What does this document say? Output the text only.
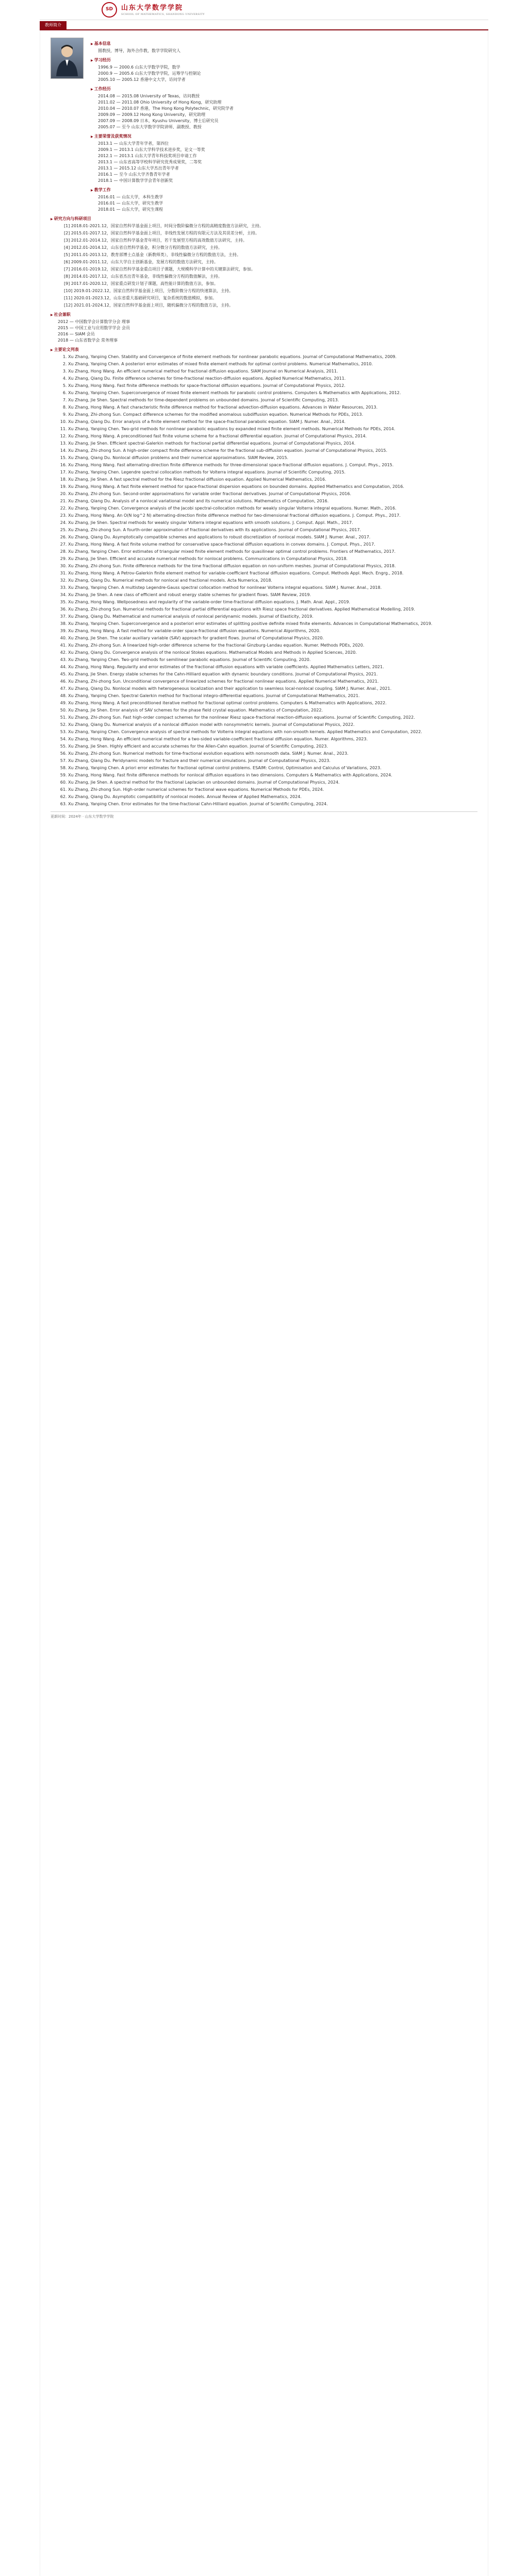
SD 山东大学数学学院
SCHOOL OF MATHEMATICS, SHANDONG UNIVERSITY
教师简介
▶ 基本信息
圆教授，博导，海外合作教，数学学院研究人
▶ 学习经历
1996.9 — 2000.6 山东大学数学学院，数学
2000.9 — 2005.6 山东大学数学学院，运筹学与控制论
2005.10 — 2005.12 香港中文大学，访问学者
▶ 工作经历
2014.08 — 2015.08 University of Texas，访问教授
2011.02 — 2011.08 Ohio University of Hong Kong，研究助理
2010.04 — 2010.07 香港，The Hong Kong Polytechnic，研究院学者
2009.09 — 2009.12 Hong Kong University，研究助理
2007.09 — 2008.09 日本，Kyushu University，博士后研究员
2005.07 — 至今 山东大学数学学院讲师、副教授、教授
▶ 主要荣誉及获奖情况
2013.1 — 山东大学青年学者，第四位
2009.1 — 2013.1 山东大学科学技术进步奖，论文一等奖
2012.1 — 2013.1 山东大学青年科技奖项目申请工作
2013.1 — 山东省高等学校科学研究优秀成果奖，二等奖
2013.1 — 2015.12 山东大学杰出青年学者
2016.1 — 至今 山东大学齐鲁青年学者
2018.1 — 中国计算数学学会青年创新奖
▶ 教学工作
2016.01 — 山东大学，本科生教学
2016.01 — 山东大学，研究生教学
2018.01 — 山东大学，研究生课程
▶ 研究方向与科研项目
[1] 2018.01-2021.12，国家自然科学基金面上项目，时间分数阶偏微分方程的高精度数值方法研究，主持。
[2] 2015.01-2017.12，国家自然科学基金面上项目，非线性发展方程的有限元方法及其误差分析，主持。
[3] 2012.01-2014.12，国家自然科学基金青年项目，若干发展型方程的高效数值方法研究，主持。
[4] 2012.01-2014.12，山东省自然科学基金，积分微分方程的数值方法研究，主持。
[5] 2011.01-2013.12，教育部博士点基金（新教师类），非线性偏微分方程的数值方法，主持。
[6] 2009.01-2011.12，山东大学自主创新基金，发展方程的数值方法研究，主持。
[7] 2016.01-2019.12，国家自然科学基金重点项目子课题，大规模科学计算中的关键算法研究，参加。
[8] 2014.01-2017.12，山东省杰出青年基金，非线性偏微分方程的数值解法，主持。
[9] 2017.01-2020.12，国家重点研发计划子课题，高性能计算的数值方法，参加。
[10] 2019.01-2022.12，国家自然科学基金面上项目，分数阶微分方程的快速算法，主持。
[11] 2020.01-2023.12，山东省重大基础研究项目，复杂系统的数值模拟，参加。
[12] 2021.01-2024.12，国家自然科学基金面上项目，随机偏微分方程的数值方法，主持。
▶ 社会兼职
2012 — 中国数学会计算数学分会 理事
2015 — 中国工业与应用数学学会 会员
2016 — SIAM 会员
2018 — 山东省数学会 常务理事
▶ 主要论文列表
1. Xu Zhang, Yanping Chen. Stability and Convergence of finite element methods for nonlinear parabolic equations. Journal of Computational Mathematics, 2009.
2. Xu Zhang, Yanping Chen. A posteriori error estimates of mixed finite element methods for optimal control problems. Numerical Mathematics, 2010.
3. Xu Zhang, Hong Wang. An efficient numerical method for fractional diffusion equations. SIAM Journal on Numerical Analysis, 2011.
4. Xu Zhang, Qiang Du. Finite difference schemes for time-fractional reaction-diffusion equations. Applied Numerical Mathematics, 2011.
5. Xu Zhang, Hong Wang. Fast finite difference methods for space-fractional diffusion equations. Journal of Computational Physics, 2012.
6. Xu Zhang, Yanping Chen. Superconvergence of mixed finite element methods for parabolic control problems. Computers & Mathematics with Applications, 2012.
7. Xu Zhang, Jie Shen. Spectral methods for time-dependent problems on unbounded domains. Journal of Scientific Computing, 2013.
8. Xu Zhang, Hong Wang. A fast characteristic finite difference method for fractional advection-diffusion equations. Advances in Water Resources, 2013.
9. Xu Zhang, Zhi-zhong Sun. Compact difference schemes for the modified anomalous subdiffusion equation. Numerical Methods for PDEs, 2013.
10. Xu Zhang, Qiang Du. Error analysis of a finite element method for the space-fractional parabolic equation. SIAM J. Numer. Anal., 2014.
11. Xu Zhang, Yanping Chen. Two-grid methods for nonlinear parabolic equations by expanded mixed finite element methods. Numerical Methods for PDEs, 2014.
12. Xu Zhang, Hong Wang. A preconditioned fast finite volume scheme for a fractional differential equation. Journal of Computational Physics, 2014.
13. Xu Zhang, Jie Shen. Efficient spectral-Galerkin methods for fractional partial differential equations. Journal of Computational Physics, 2014.
14. Xu Zhang, Zhi-zhong Sun. A high-order compact finite difference scheme for the fractional sub-diffusion equation. Journal of Computational Physics, 2015.
15. Xu Zhang, Qiang Du. Nonlocal diffusion problems and their numerical approximations. SIAM Review, 2015.
16. Xu Zhang, Hong Wang. Fast alternating-direction finite difference methods for three-dimensional space-fractional diffusion equations. J. Comput. Phys., 2015.
17. Xu Zhang, Yanping Chen. Legendre spectral collocation methods for Volterra integral equations. Journal of Scientific Computing, 2015.
18. Xu Zhang, Jie Shen. A fast spectral method for the Riesz fractional diffusion equation. Applied Numerical Mathematics, 2016.
19. Xu Zhang, Hong Wang. A fast finite element method for space-fractional dispersion equations on bounded domains. Applied Mathematics and Computation, 2016.
20. Xu Zhang, Zhi-zhong Sun. Second-order approximations for variable order fractional derivatives. Journal of Computational Physics, 2016.
21. Xu Zhang, Qiang Du. Analysis of a nonlocal variational model and its numerical solutions. Mathematics of Computation, 2016.
22. Xu Zhang, Yanping Chen. Convergence analysis of the Jacobi spectral-collocation methods for weakly singular Volterra integral equations. Numer. Math., 2016.
23. Xu Zhang, Hong Wang. An O(N log^2 N) alternating-direction finite difference method for two-dimensional fractional diffusion equations. J. Comput. Phys., 2017.
24. Xu Zhang, Jie Shen. Spectral methods for weakly singular Volterra integral equations with smooth solutions. J. Comput. Appl. Math., 2017.
25. Xu Zhang, Zhi-zhong Sun. A fourth-order approximation of fractional derivatives with its applications. Journal of Computational Physics, 2017.
26. Xu Zhang, Qiang Du. Asymptotically compatible schemes and applications to robust discretization of nonlocal models. SIAM J. Numer. Anal., 2017.
27. Xu Zhang, Hong Wang. A fast finite volume method for conservative space-fractional diffusion equations in convex domains. J. Comput. Phys., 2017.
28. Xu Zhang, Yanping Chen. Error estimates of triangular mixed finite element methods for quasilinear optimal control problems. Frontiers of Mathematics, 2017.
29. Xu Zhang, Jie Shen. Efficient and accurate numerical methods for nonlocal problems. Communications in Computational Physics, 2018.
30. Xu Zhang, Zhi-zhong Sun. Finite difference methods for the time fractional diffusion equation on non-uniform meshes. Journal of Computational Physics, 2018.
31. Xu Zhang, Hong Wang. A Petrov-Galerkin finite element method for variable-coefficient fractional diffusion equations. Comput. Methods Appl. Mech. Engrg., 2018.
32. Xu Zhang, Qiang Du. Numerical methods for nonlocal and fractional models. Acta Numerica, 2018.
33. Xu Zhang, Yanping Chen. A multistep Legendre-Gauss spectral collocation method for nonlinear Volterra integral equations. SIAM J. Numer. Anal., 2018.
34. Xu Zhang, Jie Shen. A new class of efficient and robust energy stable schemes for gradient flows. SIAM Review, 2019.
35. Xu Zhang, Hong Wang. Wellposedness and regularity of the variable-order time-fractional diffusion equations. J. Math. Anal. Appl., 2019.
36. Xu Zhang, Zhi-zhong Sun. Numerical methods for fractional partial differential equations with Riesz space fractional derivatives. Applied Mathematical Modelling, 2019.
37. Xu Zhang, Qiang Du. Mathematical and numerical analysis of nonlocal peridynamic models. Journal of Elasticity, 2019.
38. Xu Zhang, Yanping Chen. Superconvergence and a posteriori error estimates of splitting positive definite mixed finite elements. Advances in Computational Mathematics, 2019.
39. Xu Zhang, Hong Wang. A fast method for variable-order space-fractional diffusion equations. Numerical Algorithms, 2020.
40. Xu Zhang, Jie Shen. The scalar auxiliary variable (SAV) approach for gradient flows. Journal of Computational Physics, 2020.
41. Xu Zhang, Zhi-zhong Sun. A linearized high-order difference scheme for the fractional Ginzburg-Landau equation. Numer. Methods PDEs, 2020.
42. Xu Zhang, Qiang Du. Convergence analysis of the nonlocal Stokes equations. Mathematical Models and Methods in Applied Sciences, 2020.
43. Xu Zhang, Yanping Chen. Two-grid methods for semilinear parabolic equations. Journal of Scientific Computing, 2020.
44. Xu Zhang, Hong Wang. Regularity and error estimates of the fractional diffusion equations with variable coefficients. Applied Mathematics Letters, 2021.
45. Xu Zhang, Jie Shen. Energy stable schemes for the Cahn-Hilliard equation with dynamic boundary conditions. Journal of Computational Physics, 2021.
46. Xu Zhang, Zhi-zhong Sun. Unconditional convergence of linearized schemes for fractional nonlinear equations. Applied Numerical Mathematics, 2021.
47. Xu Zhang, Qiang Du. Nonlocal models with heterogeneous localization and their application to seamless local-nonlocal coupling. SIAM J. Numer. Anal., 2021.
48. Xu Zhang, Yanping Chen. Spectral Galerkin method for fractional integro-differential equations. Journal of Computational Mathematics, 2021.
49. Xu Zhang, Hong Wang. A fast preconditioned iterative method for fractional optimal control problems. Computers & Mathematics with Applications, 2022.
50. Xu Zhang, Jie Shen. Error analysis of SAV schemes for the phase field crystal equation. Mathematics of Computation, 2022.
51. Xu Zhang, Zhi-zhong Sun. Fast high-order compact schemes for the nonlinear Riesz space-fractional reaction-diffusion equations. Journal of Scientific Computing, 2022.
52. Xu Zhang, Qiang Du. Numerical analysis of a nonlocal diffusion model with nonsymmetric kernels. Journal of Computational Physics, 2022.
53. Xu Zhang, Yanping Chen. Convergence analysis of spectral methods for Volterra integral equations with non-smooth kernels. Applied Mathematics and Computation, 2022.
54. Xu Zhang, Hong Wang. An efficient numerical method for a two-sided variable-coefficient fractional diffusion equation. Numer. Algorithms, 2023.
55. Xu Zhang, Jie Shen. Highly efficient and accurate schemes for the Allen-Cahn equation. Journal of Scientific Computing, 2023.
56. Xu Zhang, Zhi-zhong Sun. Numerical methods for time-fractional evolution equations with nonsmooth data. SIAM J. Numer. Anal., 2023.
57. Xu Zhang, Qiang Du. Peridynamic models for fracture and their numerical simulations. Journal of Computational Physics, 2023.
58. Xu Zhang, Yanping Chen. A priori error estimates for fractional optimal control problems. ESAIM: Control, Optimisation and Calculus of Variations, 2023.
59. Xu Zhang, Hong Wang. Fast finite difference methods for nonlocal diffusion equations in two dimensions. Computers & Mathematics with Applications, 2024.
60. Xu Zhang, Jie Shen. A spectral method for the fractional Laplacian on unbounded domains. Journal of Computational Physics, 2024.
61. Xu Zhang, Zhi-zhong Sun. High-order numerical schemes for fractional wave equations. Numerical Methods for PDEs, 2024.
62. Xu Zhang, Qiang Du. Asymptotic compatibility of nonlocal models. Annual Review of Applied Mathematics, 2024.
63. Xu Zhang, Yanping Chen. Error estimates for the time-fractional Cahn-Hilliard equation. Journal of Scientific Computing, 2024.
更新时间：2024年 · 山东大学数学学院
